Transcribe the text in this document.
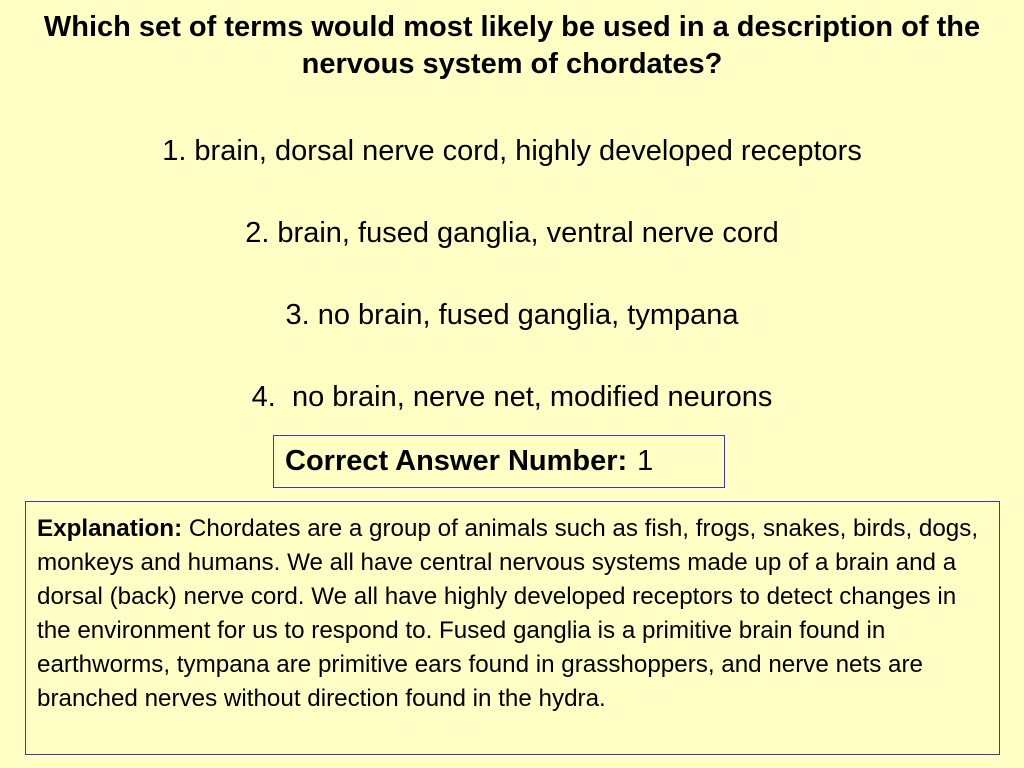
Which set of terms would most likely be used in a description of the nervous system of chordates?
1. brain, dorsal nerve cord, highly developed receptors
2. brain, fused ganglia, ventral nerve cord
3. no brain, fused ganglia, tympana
4.  no brain, nerve net, modified neurons
Correct Answer Number: 1
Explanation: Chordates are a group of animals such as fish, frogs, snakes, birds, dogs, monkeys and humans. We all have central nervous systems made up of a brain and a dorsal (back) nerve cord. We all have highly developed receptors to detect changes in the environment for us to respond to. Fused ganglia is a primitive brain found in earthworms, tympana are primitive ears found in grasshoppers, and nerve nets are branched nerves without direction found in the hydra.
